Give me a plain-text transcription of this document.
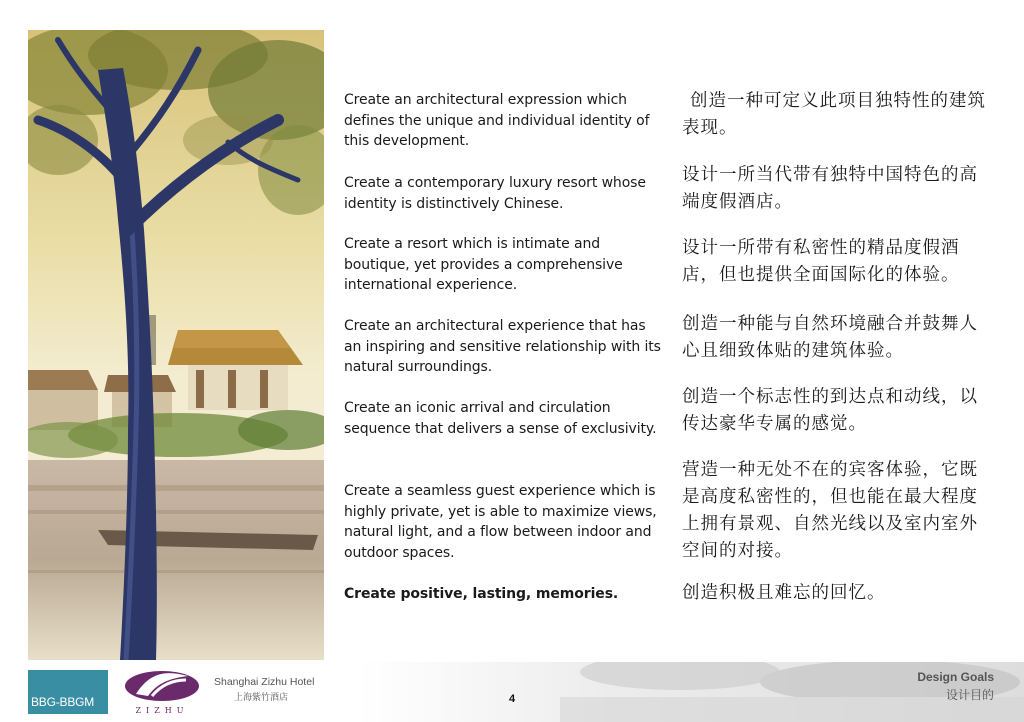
Create an architectural expression which defines the unique and individual identity of this development.
Create a contemporary luxury resort whose identity is distinctively Chinese.
Create a resort which is intimate and boutique, yet provides a comprehensive international experience.
Create an architectural experience that has an inspiring and sensitive relationship with its natural surroundings.
Create an iconic arrival and circulation sequence that delivers a sense of exclusivity.
Create a seamless guest experience which is highly private, yet is able to maximize views, natural light, and a flow between indoor and outdoor spaces.
Create positive, lasting, memories.
创造一种可定义此项目独特性的建筑表现。
设计一所当代带有独特中国特色的高端度假酒店。
设计一所带有私密性的精品度假酒店，但也提供全面国际化的体验。
创造一种能与自然环境融合并鼓舞人心且细致体贴的建筑体验。
创造一个标志性的到达点和动线，以传达豪华专属的感觉。
营造一种无处不在的宾客体验，它既是高度私密性的，但也能在最大程度上拥有景观、自然光线以及室内室外空间的对接。
创造积极且难忘的回忆。
BBG-BBGM
ZIZHU
Shanghai Zizhu Hotel
上海紫竹酒店	4
Design Goals
设计目的
